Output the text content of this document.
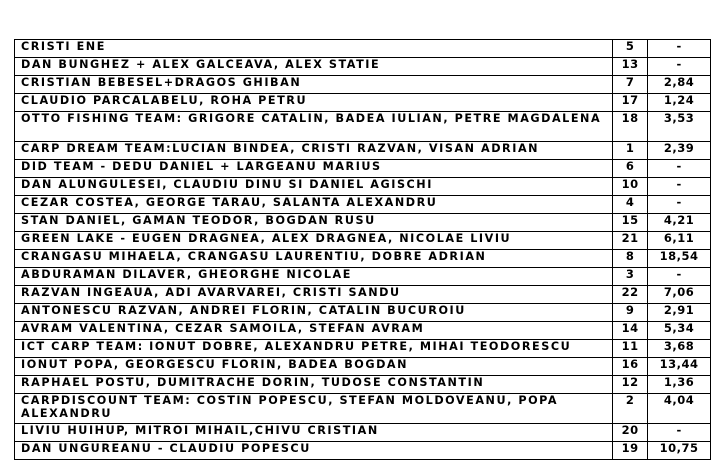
CRISTI ENE	5	-
DAN BUNGHEZ + ALEX GALCEAVA, ALEX STATIE	13	-
CRISTIAN BEBESEL+DRAGOS GHIBAN	7	2,84
CLAUDIO PARCALABELU, ROHA PETRU	17	1,24
OTTO FISHING TEAM: GRIGORE CATALIN, BADEA IULIAN, PETRE MAGDALENA	18	3,53
CARP DREAM TEAM:LUCIAN BINDEA, CRISTI RAZVAN, VISAN ADRIAN	1	2,39
DID TEAM - DEDU DANIEL + LARGEANU MARIUS	6	-
DAN ALUNGULESEI, CLAUDIU DINU SI DANIEL AGISCHI	10	-
CEZAR COSTEA, GEORGE TARAU, SALANTA ALEXANDRU	4	-
STAN DANIEL, GAMAN TEODOR, BOGDAN RUSU	15	4,21
GREEN LAKE - EUGEN DRAGNEA, ALEX DRAGNEA, NICOLAE LIVIU	21	6,11
CRANGASU MIHAELA, CRANGASU LAURENTIU, DOBRE ADRIAN	8	18,54
ABDURAMAN DILAVER, GHEORGHE NICOLAE	3	-
RAZVAN INGEAUA, ADI AVARVAREI, CRISTI SANDU	22	7,06
ANTONESCU RAZVAN, ANDREI FLORIN, CATALIN BUCUROIU	9	2,91
AVRAM VALENTINA, CEZAR SAMOILA, STEFAN AVRAM	14	5,34
ICT CARP TEAM: IONUT DOBRE, ALEXANDRU PETRE, MIHAI TEODORESCU	11	3,68
IONUT POPA, GEORGESCU FLORIN, BADEA BOGDAN	16	13,44
RAPHAEL POSTU, DUMITRACHE DORIN, TUDOSE CONSTANTIN	12	1,36
CARPDISCOUNT TEAM: COSTIN POPESCU, STEFAN MOLDOVEANU, POPA ALEXANDRU	2	4,04
LIVIU HUIHUP, MITROI MIHAIL,CHIVU CRISTIAN	20	-
DAN UNGUREANU - CLAUDIU POPESCU	19	10,75
